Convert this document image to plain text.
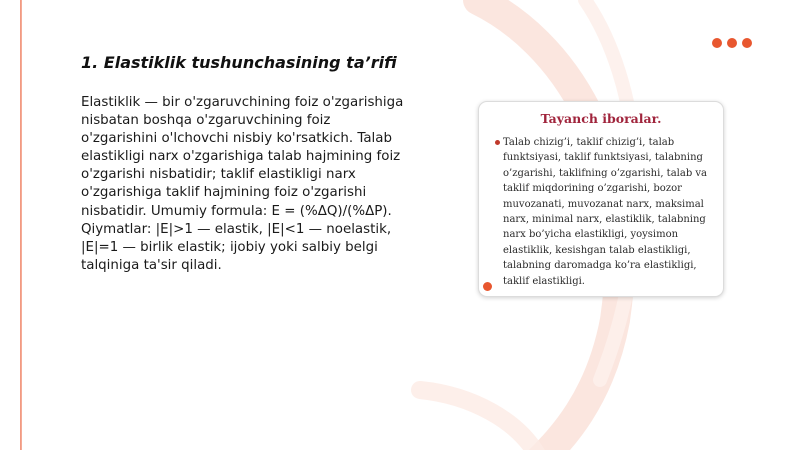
1. Elastiklik tushunchasining ta’rifi

Elastiklik — bir o'zgaruvchining foiz o'zgarishiga nisbatan boshqa o'zgaruvchining foiz o'zgarishini o'lchovchi nisbiy ko'rsatkich. Talab elastikligi narx o'zgarishiga talab hajmining foiz o'zgarishi nisbatidir; taklif elastikligi narx o'zgarishiga taklif hajmining foiz o'zgarishi nisbatidir. Umumiy formula: E = (%ΔQ)/(%ΔP). Qiymatlar: |E|>1 — elastik, |E|<1 — noelastik, |E|=1 — birlik elastik; ijobiy yoki salbiy belgi talqiniga ta'sir qiladi.

Tayanch iboralar.

Talab chizig’i, taklif chizig’i, talab funktsiyasi, taklif funktsiyasi, talabning o’zgarishi, taklifning o’zgarishi, talab va taklif miqdorining o’zgarishi, bozor muvozanati, muvozanat narx, maksimal narx, minimal narx, elastiklik, talabning narx bo’yicha elastikligi, yoysimon elastiklik, kesishgan talab elastikligi, talabning daromadga ko’ra elastikligi, taklif elastikligi.
